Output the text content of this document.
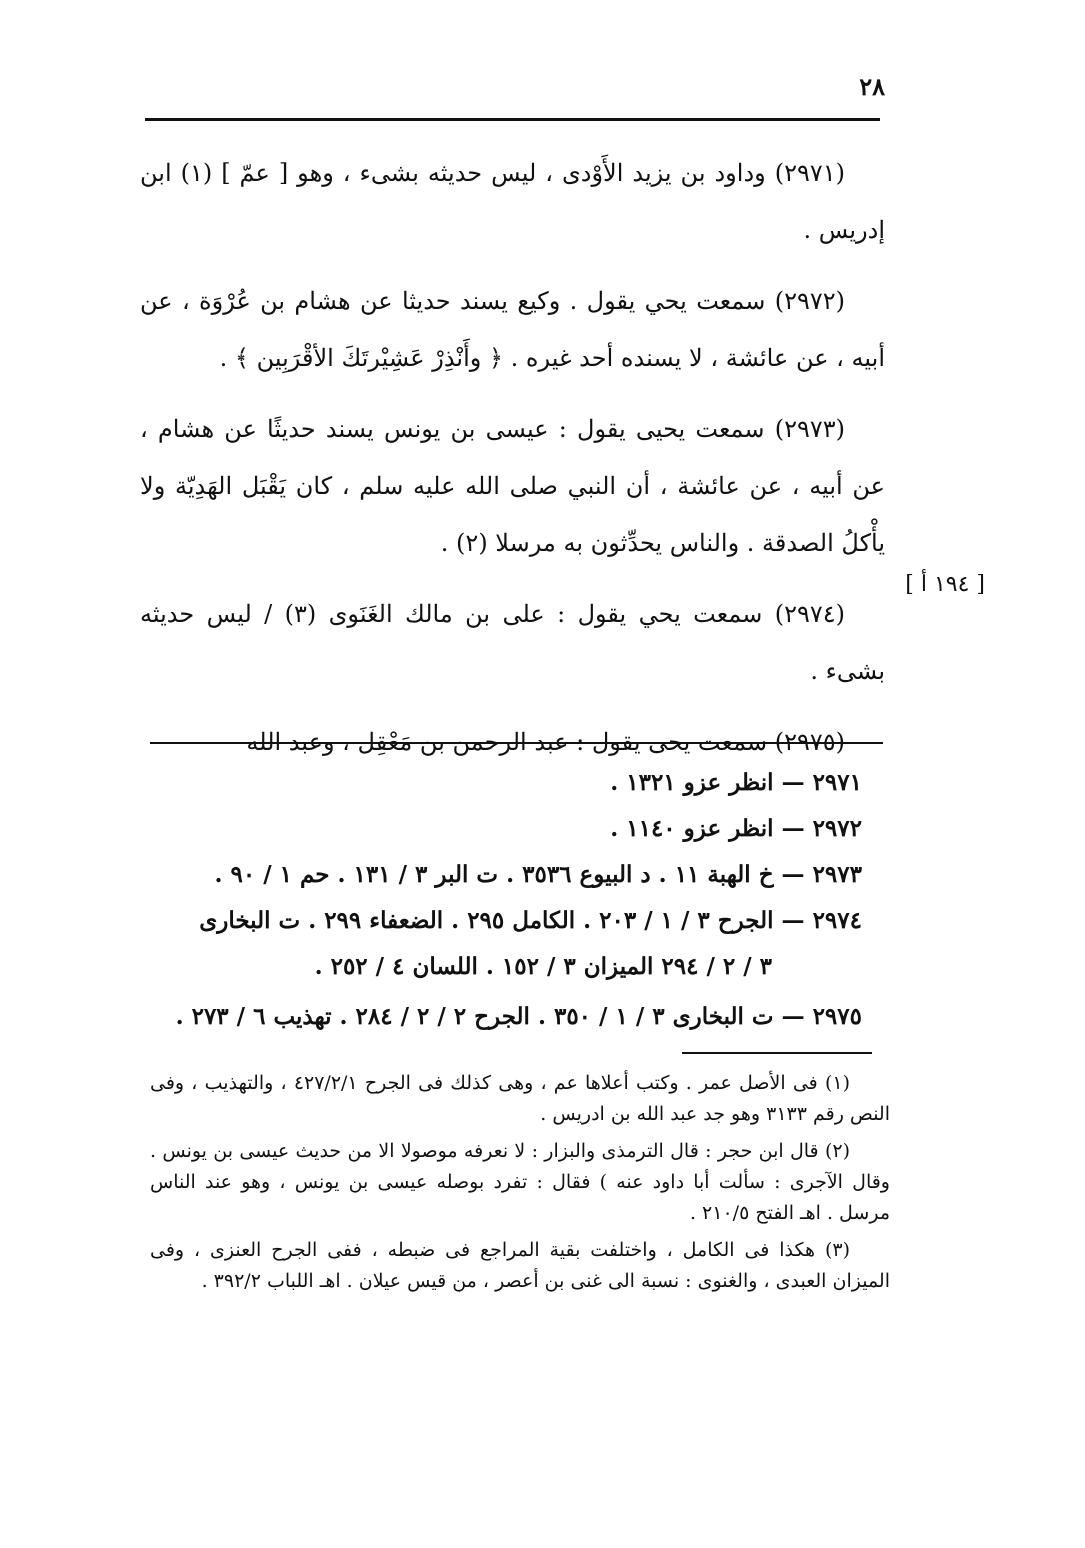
٢٨
[ ١٩٤ أ ]

(٢٩٧١) وداود بن يزيد الأَوْدى ، ليس حديثه بشىء ، وهو [ عمّ ] (١) ابن إدريس .

(٢٩٧٢) سمعت يحي يقول . وكيع يسند حديثا عن هشام بن عُرْوَة ، عن أبيه ، عن عائشة ، لا يسنده أحد غيره . ﴿ وأَنْذِرْ عَشِيْرتَكَ الأقْرَبِين ﴾ .

(٢٩٧٣) سمعت يحيى يقول : عيسى بن يونس يسند حديثًا عن هشام ، عن أبيه ، عن عائشة ، أن النبي صلى الله عليه سلم ، كان يَقْبَل الهَدِيّة ولا يأْكلُ الصدقة . والناس يحدِّثون به مرسلا (٢) .

(٢٩٧٤) سمعت يحي يقول : على بن مالك الغَنَوى (٣) / ليس حديثه بشىء .

(٢٩٧٥) سمعت يحى يقول : عبد الرحمن بن مَعْقِل ، وعبد الله

٢٩٧١ — انظر عزو ١٣٢١ .

٢٩٧٢ — انظر عزو ١١٤٠ .

٢٩٧٣ — خ الهبة ١١ . د البيوع ٣٥٣٦ . ت البر ٣ / ١٣١ . حم ١ / ٩٠ .

٢٩٧٤ — الجرح ٣ / ١ / ٢٠٣ . الكامل ٢٩٥ . الضعفاء ٢٩٩ . ت البخارى

٣ / ٢ / ٢٩٤ الميزان ٣ / ١٥٢ . اللسان ٤ / ٢٥٢ .

٢٩٧٥ — ت البخارى ٣ / ١ / ٣٥٠ . الجرح ٢ / ٢ / ٢٨٤ . تهذيب ٦ / ٢٧٣ .

(١) فى الأصل عمر . وكتب أعلاها عم ، وهى كذلك فى الجرح ٤٢٧/٢/١ ، والتهذيب ، وفى النص رقم ٣١٣٣ وهو جد عبد الله بن ادريس .

(٢) قال ابن حجر : قال الترمذى والبزار : لا نعرفه موصولا الا من حديث عيسى بن يونس . وقال الآجرى : سألت أبا داود عنه ) فقال : تفرد بوصله عيسى بن يونس ، وهو عند الناس مرسل . اهـ الفتح ٢١٠/٥ .

(٣) هكذا فى الكامل ، واختلفت بقية المراجع فى ضبطه ، ففى الجرح العنزى ، وفى الميزان العبدى ، والغنوى : نسبة الى غنى بن أعصر ، من قيس عيلان . اهـ اللباب ٣٩٢/٢ .
